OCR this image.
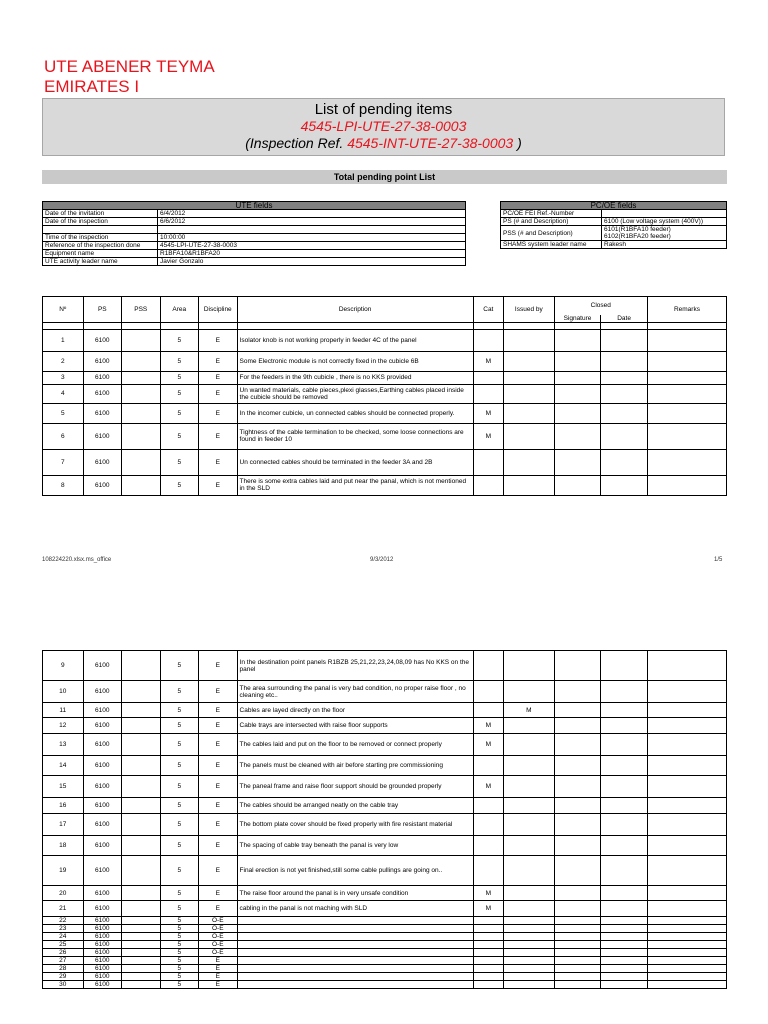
UTE ABENER TEYMA
EMIRATES I
List of pending items
4545-LPI-UTE-27-38-0003
(Inspection Ref. 4545-INT-UTE-27-38-0003 )
Total pending point List
UTE fields	
Date of the invitation	6/4/2012
Date of the inspection	6/6/2012

Time of the inspection	10:00:00
Reference of the inspection done	4545-LPI-UTE-27-38-0003
Equipment name	R1BFA10&R1BFA20
UTE activity leader name	Javier Gonzalo
PC/OE fields	
PC/OE FEI Ref.-Number	
PS (# and Description)	6100 (Low voltage system (400V))
PSS (# and Description)	6101(R1BFA10 feeder)
6102(R1BFA20 feeder)
SHAMS system leader name	Rakesh
Nº	PS	PSS	Area	Discipline	Description	Cat	Issued by	Closed		Remarks
								Signature	Date	

1	6100		5	E	Isolator knob is not working properly in feeder 4C of the panel					
2	6100		5	E	Some Electronic module is not correctly fixed in the cubicle 6B	M				
3	6100		5	E	For the feeders in the 9th cubicle , there is no KKS provided					
4	6100		5	E	Un wanted materials, cable pieces,plexi glasses,Earthing cables placed inside the cubicle should be removed					
5	6100		5	E	In the incomer cubicle, un connected cables should be connected properly.	M				
6	6100		5	E	Tightness of the cable termination to be checked, some loose connections are found in feeder 10	M				
7	6100		5	E	Un connected cables should be terminated in the feeder 3A and 2B					
8	6100		5	E	There is some extra cables laid and put near the panal, which is not mentioned in the SLD					
108224220.xlsx.ms_office	9/3/2012	1/5
9	6100		5	E	In the destination point panels R1BZB 25,21,22,23,24,08,09 has No KKS on the panel					
10	6100		5	E	The area surrounding the panal is very bad condition, no proper raise floor , no cleaning etc..					
11	6100		5	E	Cables are layed directly on the floor		M			
12	6100		5	E	Cable trays are intersected with raise floor supports	M				
13	6100		5	E	The cables laid and put on the floor to be removed or connect properly	M				
14	6100		5	E	The panels must be cleaned with air before starting pre commissioning					
15	6100		5	E	The paneal frame and raise floor support should be grounded properly	M				
16	6100		5	E	The cables should be arranged neatly on the cable tray					
17	6100		5	E	The bottom plate cover should be fixed properly with fire resistant material					
18	6100		5	E	The spacing of cable tray beneath the panal is very low					
19	6100		5	E	Final erection is not yet finished,still some cable pullings are going on..					
20	6100		5	E	The raise floor around the panal is in very unsafe condition	M				
21	6100		5	E	cabling in the panal is not maching with SLD	M				
22	6100		5	O-E						
23	6100		5	O-E						
24	6100		5	O-E						
25	6100		5	O-E						
26	6100		5	O-E						
27	6100		5	E						
28	6100		5	E						
29	6100		5	E						
30	6100		5	E						
